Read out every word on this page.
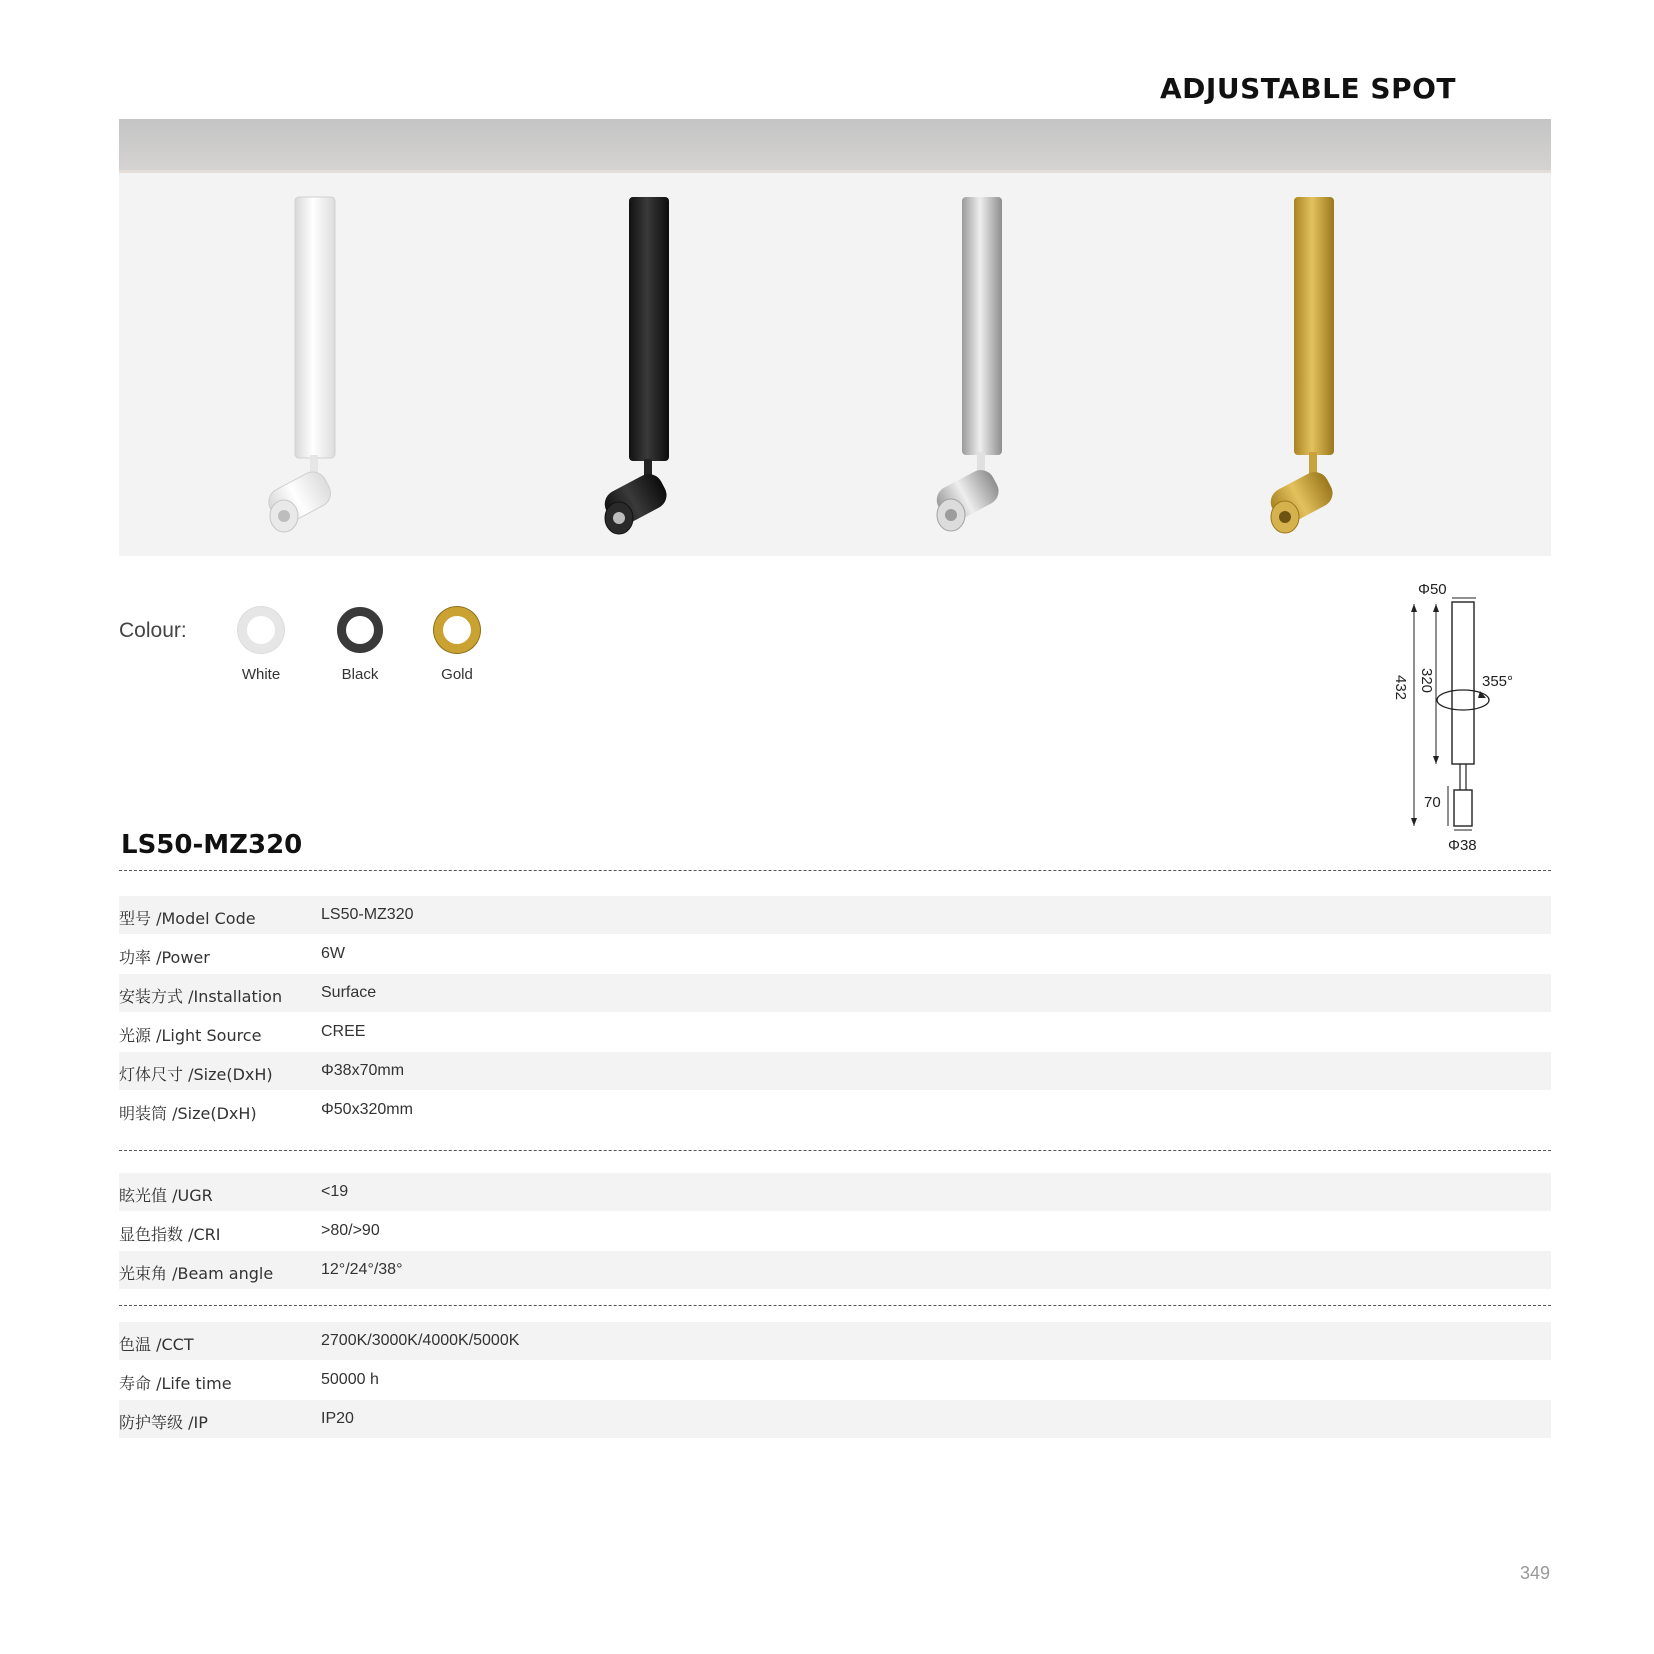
ADJUSTABLE SPOT
Colour:
White	Black	Gold
Φ50
432 320	355°
70
Φ38
LS50-MZ320
型号 /Model Code	LS50-MZ320
功率 /Power	6W
安装方式 /Installation Surface
光源 /Light Source	CREE
灯体尺寸 /Size(DxH)	Φ38x70mm
明装筒 /Size(DxH)	Φ50x320mm
眩光值 /UGR	<19
显色指数 /CRI	>80/>90
光束角 /Beam angle	12°/24°/38°
色温 /CCT	2700K/3000K/4000K/5000K
寿命 /Life time	50000 h
防护等级 /IP	IP20
349
